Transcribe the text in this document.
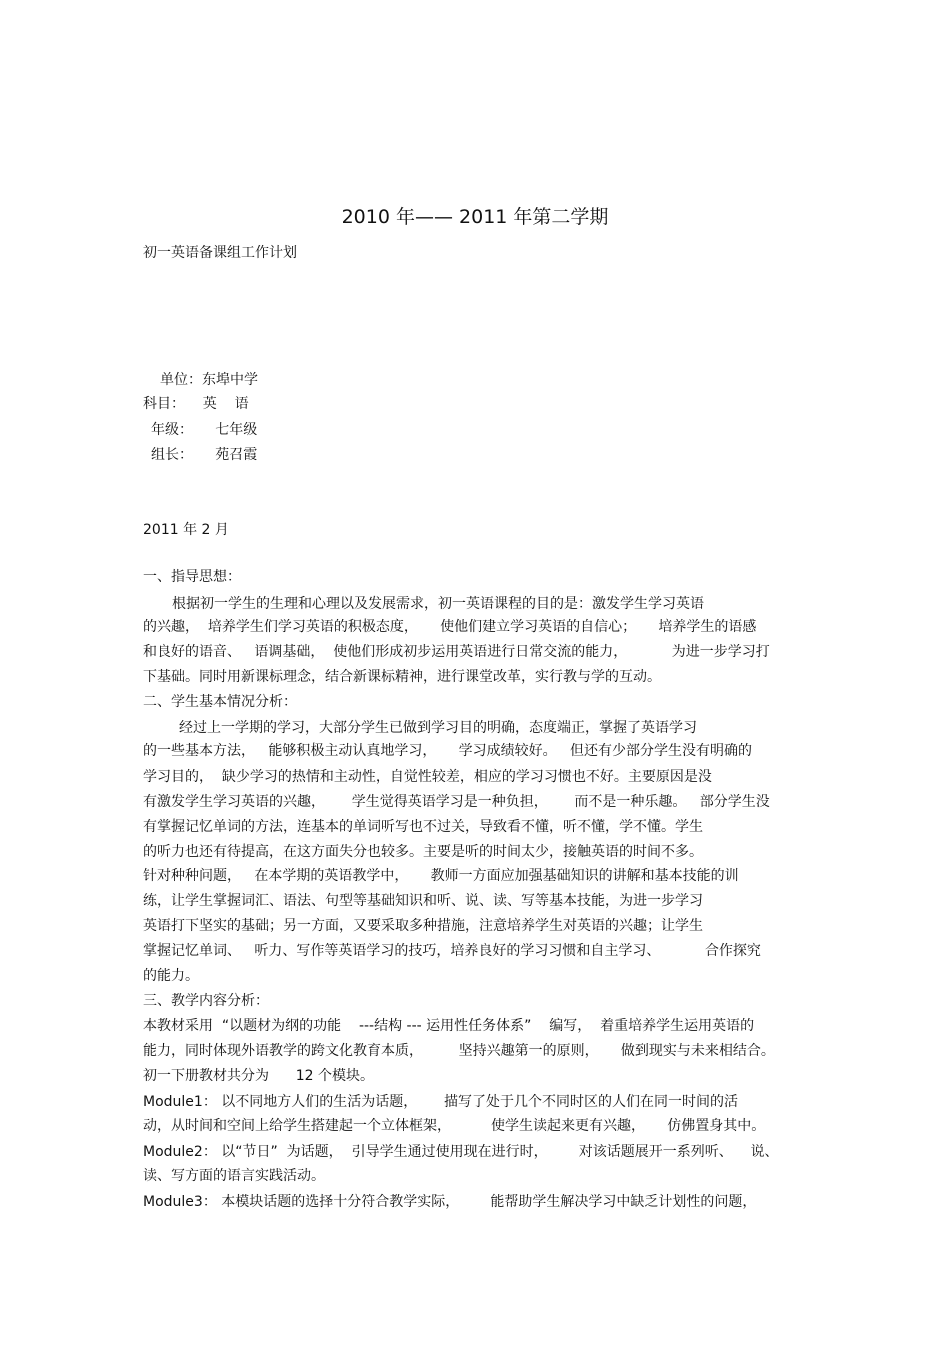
2010 年—— 2011 年第二学期
初一英语备课组工作计划
单位：东埠中学
科目：    英    语
年级：     七年级
组长：     苑召霞
2011 年 2 月
一、指导思想：
根据初一学生的生理和心理以及发展需求，初一英语课程的目的是：激发学生学习英语
的兴趣，  培养学生们学习英语的积极态度，     使他们建立学习英语的自信心；     培养学生的语感
和良好的语音、   语调基础，  使他们形成初步运用英语进行日常交流的能力，          为进一步学习打
下基础。同时用新课标理念，结合新课标精神，进行课堂改革，实行教与学的互动。
二、学生基本情况分析：
经过上一学期的学习，大部分学生已做到学习目的明确，态度端正，掌握了英语学习
的一些基本方法，   能够积极主动认真地学习，     学习成绩较好。   但还有少部分学生没有明确的
学习目的，  缺少学习的热情和主动性，自觉性较差，相应的学习习惯也不好。主要原因是没
有激发学生学习英语的兴趣，      学生觉得英语学习是一种负担，      而不是一种乐趣。   部分学生没
有掌握记忆单词的方法，连基本的单词听写也不过关，导致看不懂，听不懂，学不懂。学生
的听力也还有待提高，在这方面失分也较多。主要是听的时间太少，接触英语的时间不多。
针对种种问题，   在本学期的英语教学中，     教师一方面应加强基础知识的讲解和基本技能的训
练，让学生掌握词汇、语法、句型等基础知识和听、说、读、写等基本技能，为进一步学习
英语打下坚实的基础；另一方面，又要采取多种措施，注意培养学生对英语的兴趣；让学生
掌握记忆单词、   听力、写作等英语学习的技巧，培养良好的学习习惯和自主学习、          合作探究
的能力。
三、教学内容分析：
本教材采用  “以题材为纲的功能    ---结构 --- 运用性任务体系”    编写，  着重培养学生运用英语的
能力，同时体现外语教学的跨文化教育本质，        坚持兴趣第一的原则，     做到现实与未来相结合。
初一下册教材共分为      12 个模块。
Module1： 以不同地方人们的生活为话题，      描写了处于几个不同时区的人们在同一时间的活
动，从时间和空间上给学生搭建起一个立体框架，         使学生读起来更有兴趣，     仿佛置身其中。
Module2： 以“节日”  为话题，  引导学生通过使用现在进行时，       对该话题展开一系列听、    说、
读、写方面的语言实践活动。
Module3： 本模块话题的选择十分符合教学实际，       能帮助学生解决学习中缺乏计划性的问题，
